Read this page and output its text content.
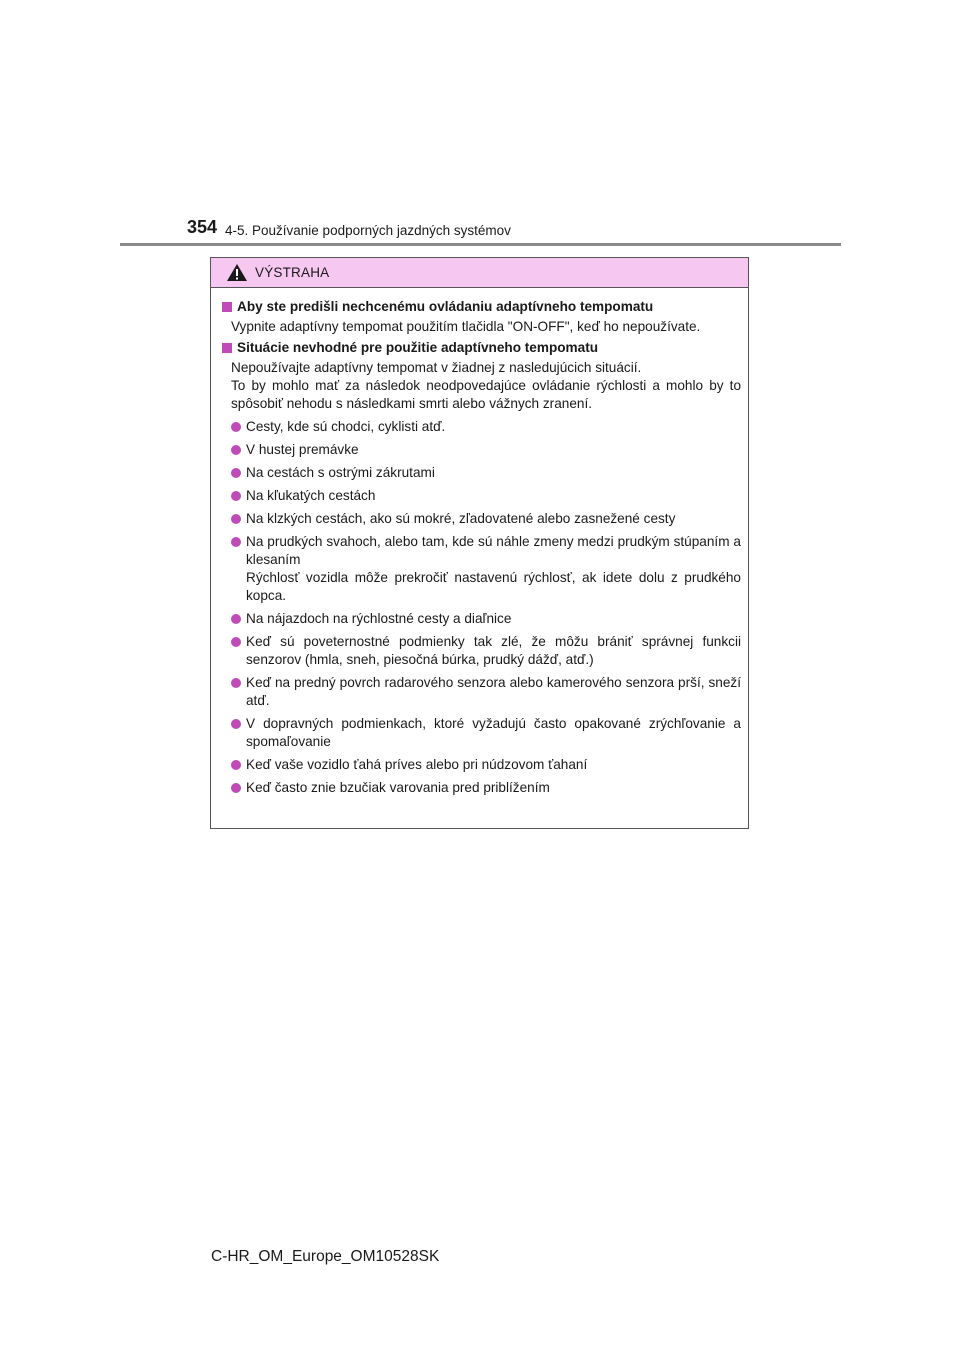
354 4-5. Používanie podporných jazdných systémov
VÝSTRAHA
Aby ste predišli nechcenému ovládaniu adaptívneho tempomatu
Vypnite adaptívny tempomat použitím tlačidla "ON-OFF", keď ho nepoužívate.
Situácie nevhodné pre použitie adaptívneho tempomatu
Nepoužívajte adaptívny tempomat v žiadnej z nasledujúcich situácií.
To by mohlo mať za následok neodpovedajúce ovládanie rýchlosti a mohlo by to spôsobiť nehodu s následkami smrti alebo vážnych zranení.
Cesty, kde sú chodci, cyklisti atď.
V hustej premávke
Na cestách s ostrými zákrutami
Na kľukatých cestách
Na klzkých cestách, ako sú mokré, zľadovatené alebo zasnežené cesty
Na prudkých svahoch, alebo tam, kde sú náhle zmeny medzi prudkým stúpaním a klesaním
Rýchlosť vozidla môže prekročiť nastavenú rýchlosť, ak idete dolu z prudkého kopca.
Na nájazdoch na rýchlostné cesty a diaľnice
Keď sú poveternostné podmienky tak zlé, že môžu brániť správnej funkcii senzorov (hmla, sneh, piesočná búrka, prudký dážď, atď.)
Keď na predný povrch radarového senzora alebo kamerového senzora prší, sneží atď.
V dopravných podmienkach, ktoré vyžadujú často opakované zrýchľovanie a spomaľovanie
Keď vaše vozidlo ťahá príves alebo pri núdzovom ťahaní
Keď často znie bzučiak varovania pred priblížením
C-HR_OM_Europe_OM10528SK
